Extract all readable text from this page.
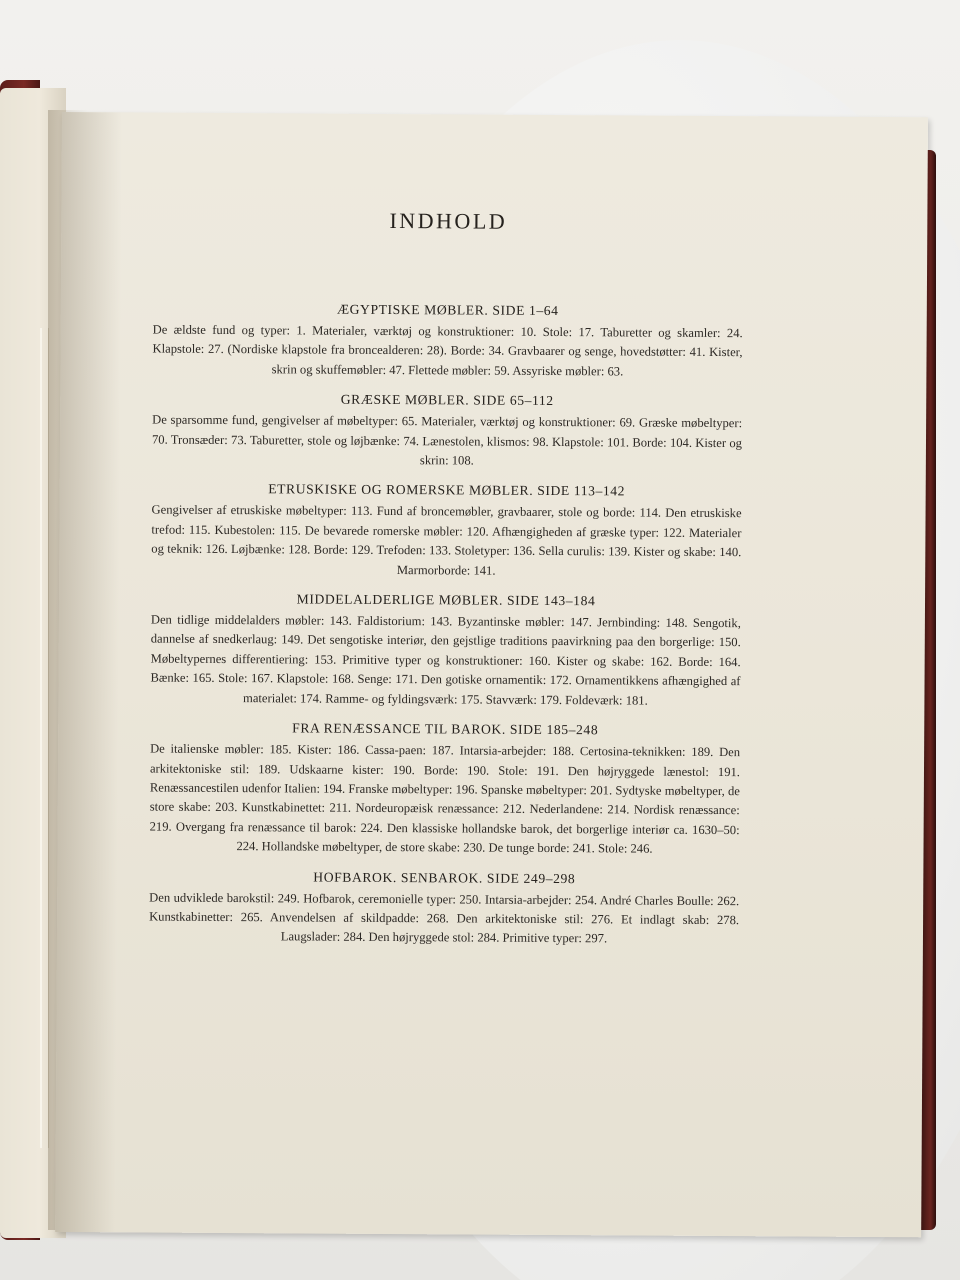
INDHOLD
ÆGYPTISKE MØBLER. SIDE 1–64

De ældste fund og typer: 1. Materialer, værktøj og konstruktioner: 10. Stole: 17. Taburetter og skamler: 24. Klapstole: 27. (Nordiske klapstole fra broncealderen: 28). Borde: 34. Gravbaarer og senge, hovedstøtter: 41. Kister, skrin og skuffemøbler: 47. Flettede møbler: 59. Assyriske møbler: 63.

GRÆSKE MØBLER. SIDE 65–112

De sparsomme fund, gengivelser af møbeltyper: 65. Materialer, værktøj og konstruktioner: 69. Græske møbeltyper: 70. Tronsæder: 73. Taburetter, stole og løjbænke: 74. Lænestolen, klismos: 98. Klapstole: 101. Borde: 104. Kister og skrin: 108.

ETRUSKISKE OG ROMERSKE MØBLER. SIDE 113–142

Gengivelser af etruskiske møbeltyper: 113. Fund af broncemøbler, gravbaarer, stole og borde: 114. Den etruskiske trefod: 115. Kubestolen: 115. De bevarede romerske møbler: 120. Afhængigheden af græske typer: 122. Materialer og teknik: 126. Løjbænke: 128. Borde: 129. Trefoden: 133. Stoletyper: 136. Sella curulis: 139. Kister og skabe: 140. Marmorborde: 141.

MIDDELALDERLIGE MØBLER. SIDE 143–184

Den tidlige middelalders møbler: 143. Faldistorium: 143. Byzantinske møbler: 147. Jernbinding: 148. Sengotik, dannelse af snedkerlaug: 149. Det sengotiske interiør, den gejstlige traditions paavirkning paa den borgerlige: 150. Møbeltypernes differentiering: 153. Primitive typer og konstruktioner: 160. Kister og skabe: 162. Borde: 164. Bænke: 165. Stole: 167. Klapstole: 168. Senge: 171. Den gotiske ornamentik: 172. Ornamentikkens afhængighed af materialet: 174. Ramme- og fyldingsværk: 175. Stavværk: 179. Foldeværk: 181.

FRA RENÆSSANCE TIL BAROK. SIDE 185–248

De italienske møbler: 185. Kister: 186. Cassa-paen: 187. Intarsia-arbejder: 188. Certosina-teknikken: 189. Den arkitektoniske stil: 189. Udskaarne kister: 190. Borde: 190. Stole: 191. Den højryggede lænestol: 191. Renæssancestilen udenfor Italien: 194. Franske møbeltyper: 196. Spanske møbeltyper: 201. Sydtyske møbeltyper, de store skabe: 203. Kunstkabinettet: 211. Nordeuropæisk renæssance: 212. Nederlandene: 214. Nordisk renæssance: 219. Overgang fra renæssance til barok: 224. Den klassiske hollandske barok, det borgerlige interiør ca. 1630–50: 224. Hollandske møbeltyper, de store skabe: 230. De tunge borde: 241. Stole: 246.

HOFBAROK. SENBAROK. SIDE 249–298

Den udviklede barokstil: 249. Hofbarok, ceremonielle typer: 250. Intarsia-arbejder: 254. André Charles Boulle: 262. Kunstkabinetter: 265. Anvendelsen af skildpadde: 268. Den arkitektoniske stil: 276. Et indlagt skab: 278. Laugslader: 284. Den højryggede stol: 284. Primitive typer: 297.
